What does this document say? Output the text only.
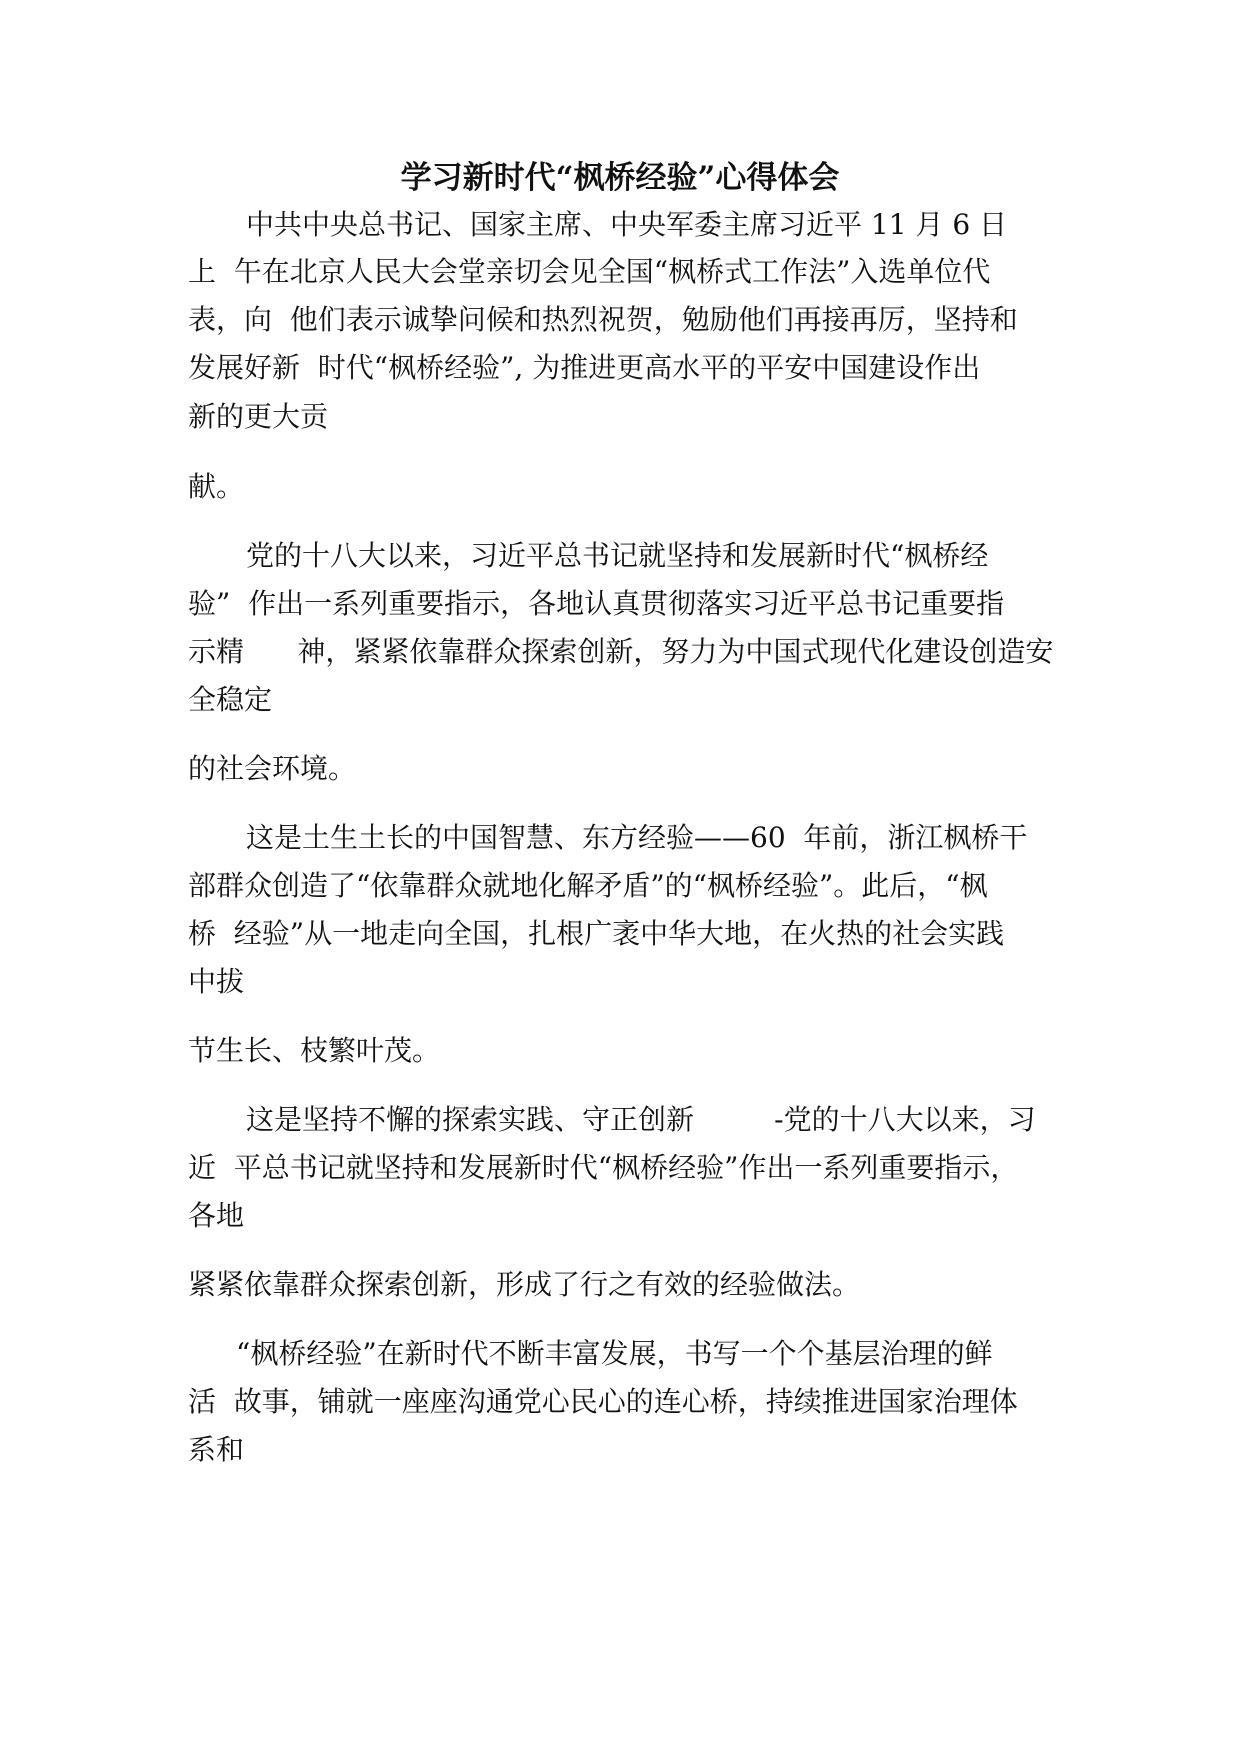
学习新时代“枫桥经验”心得体会

中共中央总书记、国家主席、中央军委主席习近平 11 月 6 日

上  午在北京人民大会堂亲切会见全国“枫桥式工作法”入选单位代

表，向  他们表示诚挚问候和热烈祝贺，勉励他们再接再厉，坚持和

发展好新  时代“枫桥经验”, 为推进更高水平的平安中国建设作出

新的更大贡

献。

党的十八大以来，习近平总书记就坚持和发展新时代“枫桥经

验”  作出一系列重要指示，各地认真贯彻落实习近平总书记重要指

示精      神，紧紧依靠群众探索创新，努力为中国式现代化建设创造安

全稳定

的社会环境。

这是土生土长的中国智慧、东方经验——60  年前，浙江枫桥干

部群众创造了“依靠群众就地化解矛盾”的“枫桥经验”。此后，“枫

桥  经验”从一地走向全国，扎根广袤中华大地，在火热的社会实践

中拔

节生长、枝繁叶茂。

这是坚持不懈的探索实践、守正创新         -党的十八大以来，习

近  平总书记就坚持和发展新时代“枫桥经验”作出一系列重要指示，

各地

紧紧依靠群众探索创新，形成了行之有效的经验做法。

“枫桥经验”在新时代不断丰富发展，书写一个个基层治理的鲜

活  故事，铺就一座座沟通党心民心的连心桥，持续推进国家治理体

系和
